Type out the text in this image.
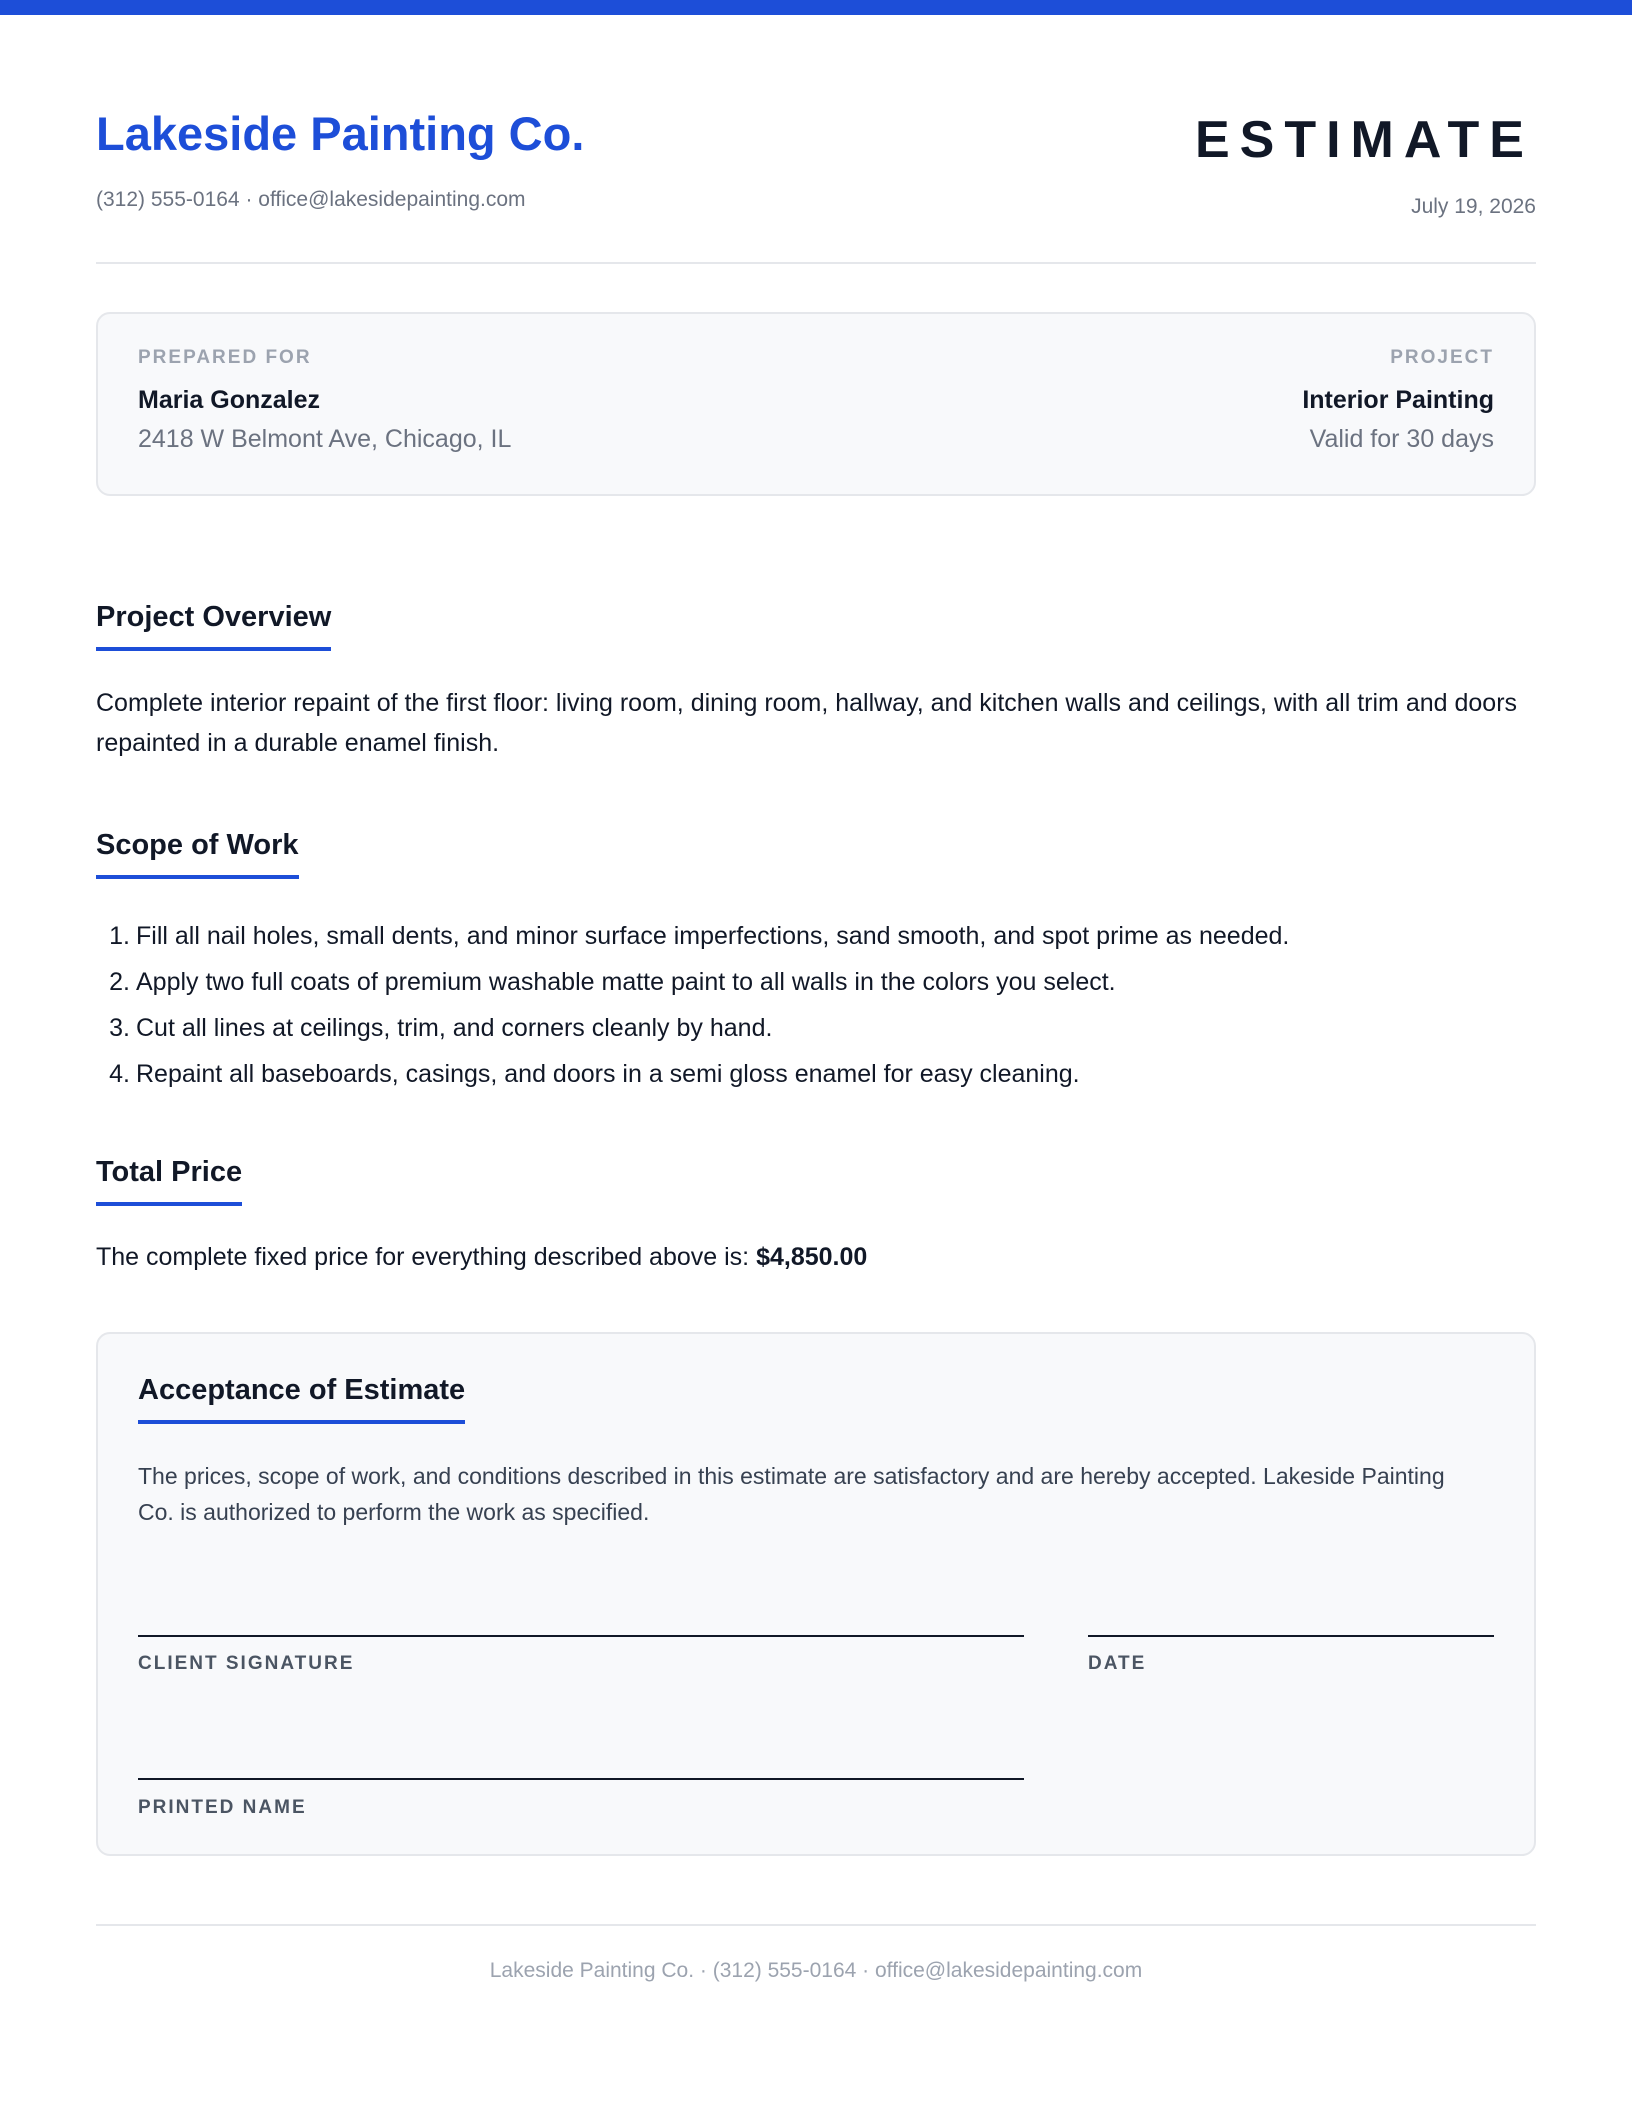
Lakeside Painting Co.
(312) 555-0164 · office@lakesidepainting.com
ESTIMATE
July 19, 2026
PREPARED FOR
Maria Gonzalez
2418 W Belmont Ave, Chicago, IL
PROJECT
Interior Painting
Valid for 30 days
Project Overview
Complete interior repaint of the first floor: living room, dining room, hallway, and kitchen walls and ceilings, with all trim and doors repainted in a durable enamel finish.
Scope of Work
1. Fill all nail holes, small dents, and minor surface imperfections, sand smooth, and spot prime as needed.
2. Apply two full coats of premium washable matte paint to all walls in the colors you select.
3. Cut all lines at ceilings, trim, and corners cleanly by hand.
4. Repaint all baseboards, casings, and doors in a semi gloss enamel for easy cleaning.
Total Price
The complete fixed price for everything described above is: $4,850.00
Acceptance of Estimate
The prices, scope of work, and conditions described in this estimate are satisfactory and are hereby accepted. Lakeside Painting Co. is authorized to perform the work as specified.
CLIENT SIGNATURE	DATE
PRINTED NAME
Lakeside Painting Co. · (312) 555-0164 · office@lakesidepainting.com
